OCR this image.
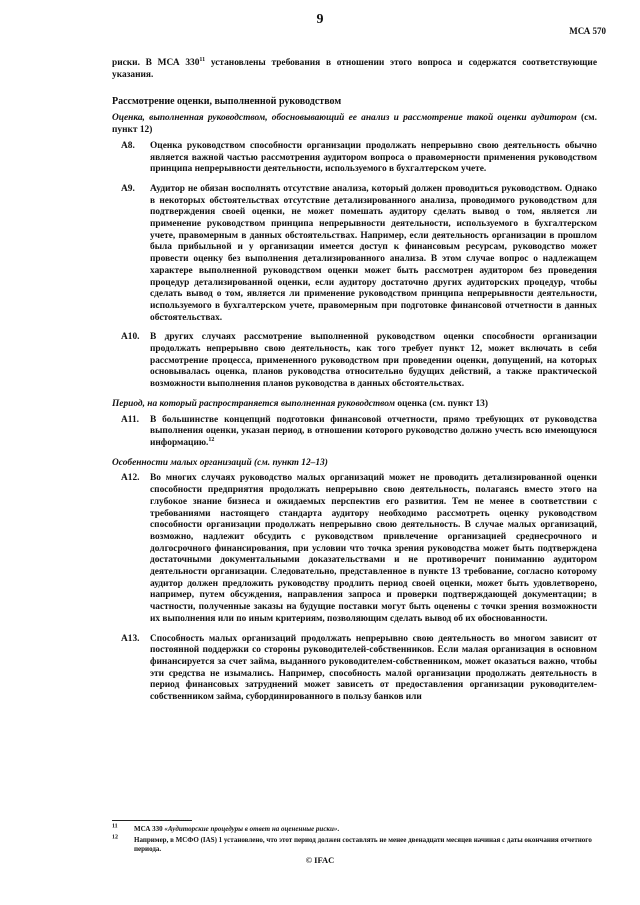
9
МСА 570

риски. В МСА $330^{11}$ установлены требования в отношении этого вопроса и содержатся соответствующие указания.

Рассмотрение оценки, выполненной руководством

Оценка, выполненная руководством, обосновывающий ее анализ и рассмотрение такой оценки аудитором (см. пункт 12)

A8.	Оценка руководством способности организации продолжать непрерывно свою деятельность обычно является важной частью рассмотрения аудитором вопроса о правомерности применения руководством принципа непрерывности деятельности, используемого в бухгалтерском учете.
A9.	Аудитор не обязан восполнять отсутствие анализа, который должен проводиться руководством. Однако в некоторых обстоятельствах отсутствие детализированного анализа, проводимого руководством для подтверждения своей оценки, не может помешать аудитору сделать вывод о том, является ли применение руководством принципа непрерывности деятельности, используемого в бухгалтерском учете, правомерным в данных обстоятельствах. Например, если деятельность организации в прошлом была прибыльной и у организации имеется доступ к финансовым ресурсам, руководство может провести оценку без выполнения детализированного анализа. В этом случае вопрос о надлежащем характере выполненной руководством оценки может быть рассмотрен аудитором без проведения процедур детализированной оценки, если аудитору достаточно других аудиторских процедур, чтобы сделать вывод о том, является ли применение руководством принципа непрерывности деятельности, используемого в бухгалтерском учете, правомерным при подготовке финансовой отчетности в данных обстоятельствах.
A10.	В других случаях рассмотрение выполненной руководством оценки способности организации продолжать непрерывно свою деятельность, как того требует пункт 12, может включать в себя рассмотрение процесса, примененного руководством при проведении оценки, допущений, на которых основывалась оценка, планов руководства относительно будущих действий, а также практической возможности выполнения планов руководства в данных обстоятельствах.

Период, на который распространяется выполненная руководством оценка (см. пункт 13)

A11.	В большинстве концепций подготовки финансовой отчетности, прямо требующих от руководства выполнения оценки, указан период, в отношении которого руководство должно учесть всю имеющуюся информацию.$^{12}$

Особенности малых организаций (см. пункт 12–13)

A12.	Во многих случаях руководство малых организаций может не проводить детализированной оценки способности предприятия продолжать непрерывно свою деятельность, полагаясь вместо этого на глубокое знание бизнеса и ожидаемых перспектив его развития. Тем не менее в соответствии с требованиями настоящего стандарта аудитору необходимо рассмотреть оценку руководством способности организации продолжать непрерывно свою деятельность. В случае малых организаций, возможно, надлежит обсудить с руководством привлечение организацией среднесрочного и долгосрочного финансирования, при условии что точка зрения руководства может быть подтверждена достаточными документальными доказательствами и не противоречит пониманию аудитором деятельности организации. Следовательно, представленное в пункте 13 требование, согласно которому аудитор должен предложить руководству продлить период своей оценки, может быть удовлетворено, например, путем обсуждения, направления запроса и проверки подтверждающей документации; в частности, полученные заказы на будущие поставки могут быть оценены с точки зрения возможности их выполнения или по иным критериям, позволяющим сделать вывод об их обоснованности.
A13.	Способность малых организаций продолжать непрерывно свою деятельность во многом зависит от постоянной поддержки со стороны руководителей-собственников. Если малая организация в основном финансируется за счет займа, выданного руководителем-собственником, может оказаться важно, чтобы эти средства не изымались. Например, способность малой организации продолжать деятельность в период финансовых затруднений может зависеть от предоставления организации руководителем-собственником займа, субординированного в пользу банков или
$^{11}$	МСА 330 «Аудиторские процедуры в ответ на оцененные риски».
$^{12}$	Например, в МСФО (IAS) 1 установлено, что этот период должен составлять не менее двенадцати месяцев начиная с даты окончания отчетного периода.
© IFAC
